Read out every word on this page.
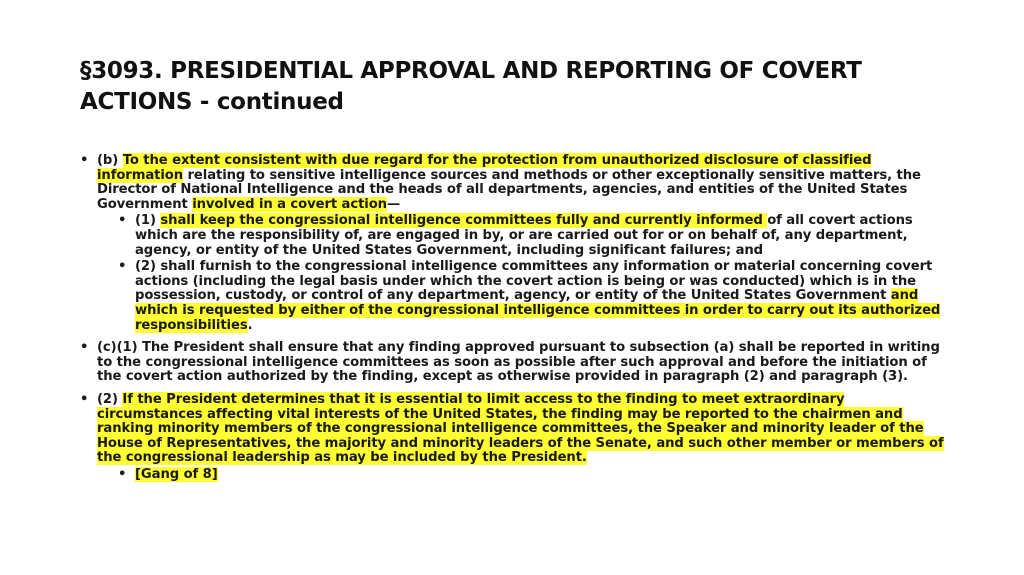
§3093. PRESIDENTIAL APPROVAL AND REPORTING OF COVERT ACTIONS - continued
• (b) To the extent consistent with due regard for the protection from unauthorized disclosure of classified information relating to sensitive intelligence sources and methods or other exceptionally sensitive matters, the Director of National Intelligence and the heads of all departments, agencies, and entities of the United States Government involved in a covert action—
• (1) shall keep the congressional intelligence committees fully and currently informed of all covert actions which are the responsibility of, are engaged in by, or are carried out for or on behalf of, any department, agency, or entity of the United States Government, including significant failures; and
• (2) shall furnish to the congressional intelligence committees any information or material concerning covert actions (including the legal basis under which the covert action is being or was conducted) which is in the possession, custody, or control of any department, agency, or entity of the United States Government and which is requested by either of the congressional intelligence committees in order to carry out its authorized responsibilities.
• (c)(1) The President shall ensure that any finding approved pursuant to subsection (a) shall be reported in writing to the congressional intelligence committees as soon as possible after such approval and before the initiation of the covert action authorized by the finding, except as otherwise provided in paragraph (2) and paragraph (3).
• (2) If the President determines that it is essential to limit access to the finding to meet extraordinary circumstances affecting vital interests of the United States, the finding may be reported to the chairmen and ranking minority members of the congressional intelligence committees, the Speaker and minority leader of the House of Representatives, the majority and minority leaders of the Senate, and such other member or members of the congressional leadership as may be included by the President.
• [Gang of 8]
